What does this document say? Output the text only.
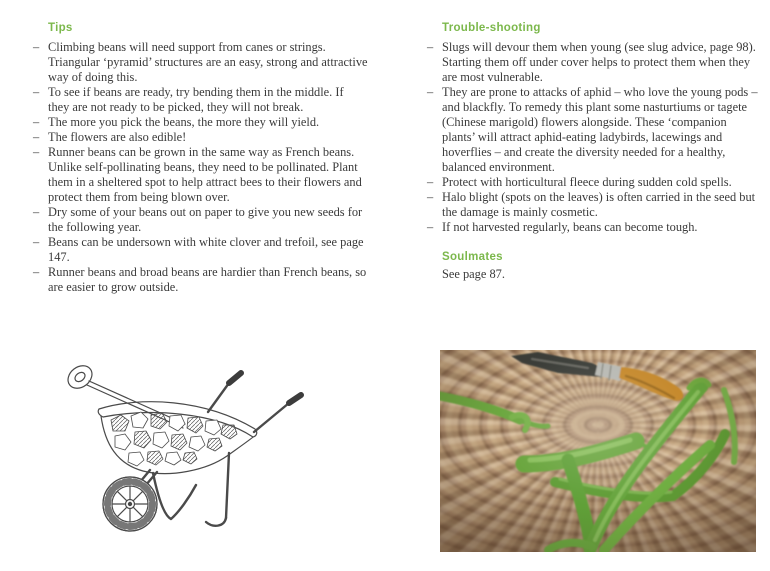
Tips
– Climbing beans will need support from canes or strings. Triangular ‘pyramid’ structures are an easy, strong and attractive way of doing this.
– To see if beans are ready, try bending them in the middle. If they are not ready to be picked, they will not break.
– The more you pick the beans, the more they will yield.
– The flowers are also edible!
– Runner beans can be grown in the same way as French beans. Unlike self-pollinating beans, they need to be pollinated. Plant them in a sheltered spot to help attract bees to their flowers and protect them from being blown over.
– Dry some of your beans out on paper to give you new seeds for the following year.
– Beans can be undersown with white clover and trefoil, see page 147.
– Runner beans and broad beans are hardier than French beans, so are easier to grow outside.
Trouble-shooting
– Slugs will devour them when young (see slug advice, page 98). Starting them off under cover helps to protect them when they are most vulnerable.
– They are prone to attacks of aphid – who love the young pods – and blackfly. To remedy this plant some nasturtiums or tagete (Chinese marigold) flowers alongside. These ‘companion plants’ will attract aphid-eating ladybirds, lacewings and hoverflies – and create the diversity needed for a healthy, balanced environment.
– Protect with horticultural fleece during sudden cold spells.
– Halo blight (spots on the leaves) is often carried in the seed but the damage is mainly cosmetic.
– If not harvested regularly, beans can become tough.
Soulmates

See page 87.
